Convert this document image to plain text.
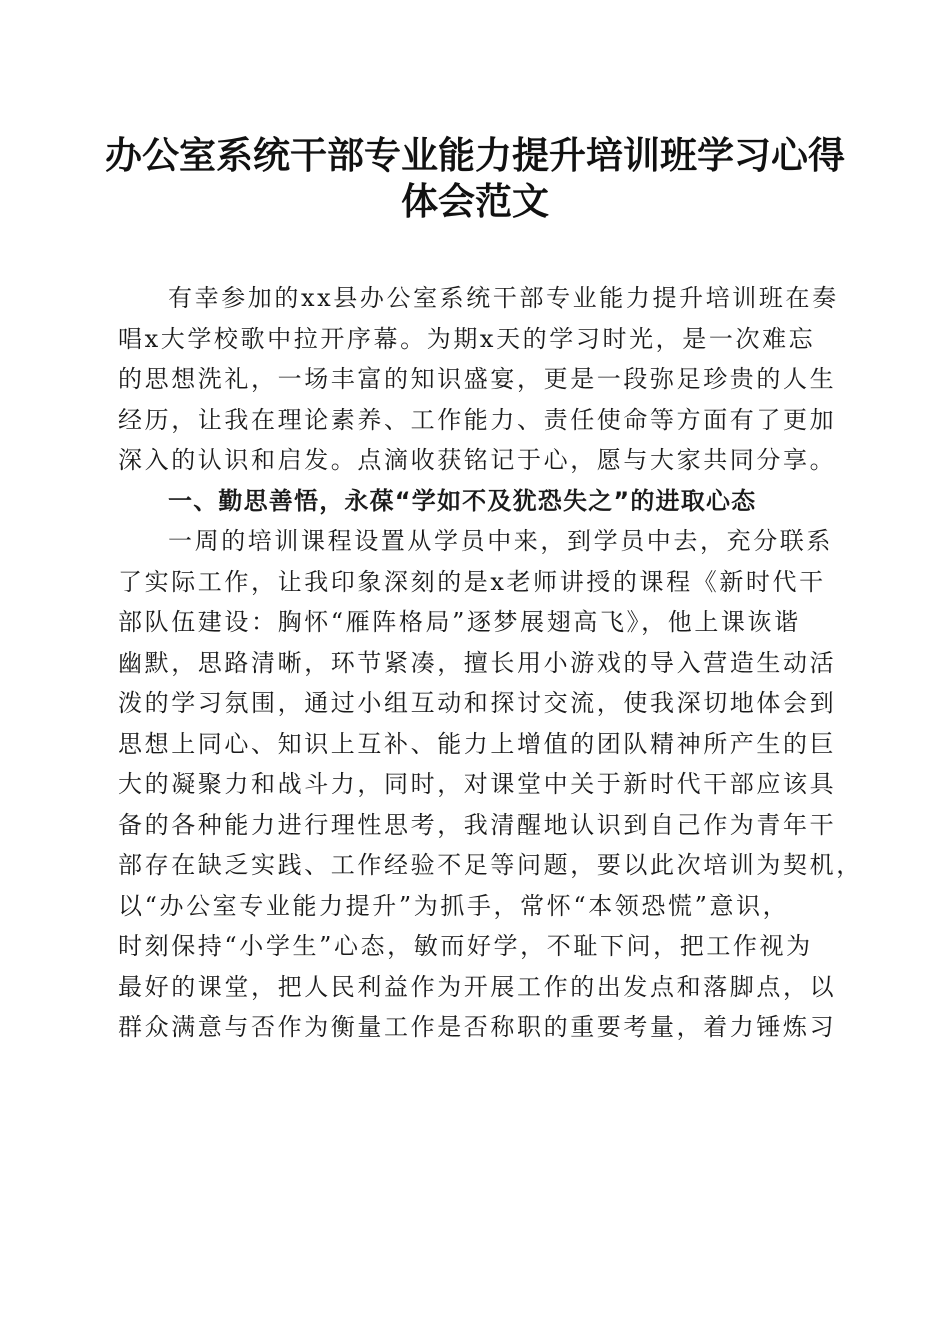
办公室系统干部专业能力提升培训班学习心得
体会范文
有幸参加的xx县办公室系统干部专业能力提升培训班在奏
唱x大学校歌中拉开序幕。为期x天的学习时光，是一次难忘
的思想洗礼，一场丰富的知识盛宴，更是一段弥足珍贵的人生
经历，让我在理论素养、工作能力、责任使命等方面有了更加
深入的认识和启发。点滴收获铭记于心，愿与大家共同分享。
一、勤思善悟，永葆“学如不及犹恐失之”的进取心态
一周的培训课程设置从学员中来，到学员中去，充分联系
了实际工作，让我印象深刻的是x老师讲授的课程《新时代干
部队伍建设：胸怀“雁阵格局”逐梦展翅高飞》，他上课诙谐
幽默，思路清晰，环节紧凑，擅长用小游戏的导入营造生动活
泼的学习氛围，通过小组互动和探讨交流，使我深切地体会到
思想上同心、知识上互补、能力上增值的团队精神所产生的巨
大的凝聚力和战斗力，同时，对课堂中关于新时代干部应该具
备的各种能力进行理性思考，我清醒地认识到自己作为青年干
部存在缺乏实践、工作经验不足等问题，要以此次培训为契机，
以“办公室专业能力提升”为抓手，常怀“本领恐慌”意识，
时刻保持“小学生”心态，敏而好学，不耻下问，把工作视为
最好的课堂，把人民利益作为开展工作的出发点和落脚点，以
群众满意与否作为衡量工作是否称职的重要考量，着力锤炼习
